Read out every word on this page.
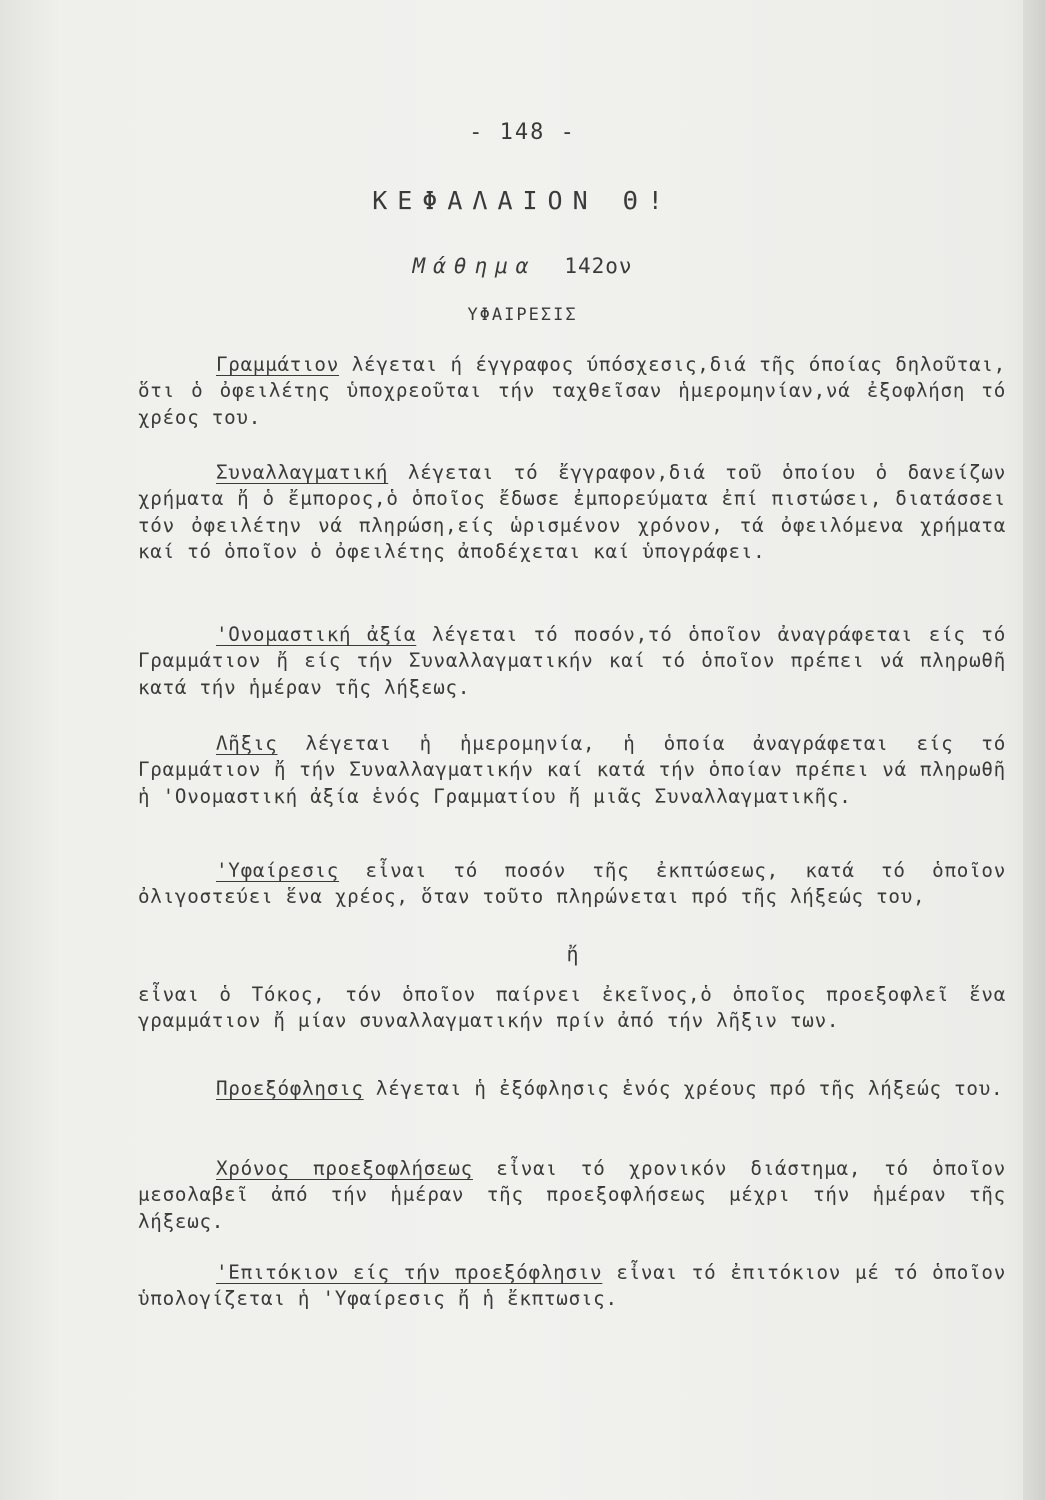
- 148 -
ΚΕΦΑΛΑΙΟΝ Θ!
Μάθημα 142ον
ΥΦΑΙΡΕΣΙΣ

Γραμμάτιον λέγεται ή έγγραφος ύπόσχεσις,διά τῆς όποίας δηλοῦται, ὅτι ὁ ὀφειλέτης ὑποχρεοῦται τήν ταχθεῖσαν ἡμερομηνίαν,νά ἐξοφλήση τό χρέος του.

Συναλλαγματική λέγεται τό ἔγγραφον,διά τοῦ ὁποίου ὁ δανείζων χρήματα ἤ ὁ ἔμπορος,ὁ ὁποῖος ἔδωσε ἐμπορεύματα ἐπί πιστώσει, διατάσσει τόν ὀφειλέτην νά πληρώση,είς ὡρισμένον χρόνον, τά ὀφειλόμενα χρήματα καί τό ὁποῖον ὁ ὀφειλέτης ἀποδέχεται καί ὑπογράφει.

'Ονομαστική ἀξία λέγεται τό ποσόν,τό ὁποῖον ἀναγράφεται είς τό Γραμμάτιον ἤ είς τήν Συναλλαγματικήν καί τό ὁποῖον πρέπει νά πληρωθῆ κατά τήν ἡμέραν τῆς λήξεως.

Λῆξις λέγεται ἡ ἡμερομηνία, ἡ ὁποία ἀναγράφεται είς τό Γραμμάτιον ἤ τήν Συναλλαγματικήν καί κατά τήν ὁποίαν πρέπει νά πληρωθῆ ἡ 'Ονομαστική ἀξία ἑνός Γραμματίου ἤ μιᾶς Συναλλαγματικῆς.

'Υφαίρεσις εἶναι τό ποσόν τῆς ἐκπτώσεως, κατά τό ὁποῖον ὀλιγοστεύει ἕνα χρέος, ὅταν τοῦτο πληρώνεται πρό τῆς λήξεώς του,

ἤ

εἶναι ὁ Τόκος, τόν ὁποῖον παίρνει ἐκεῖνος,ὁ ὁποῖος προεξοφλεῖ ἕνα γραμμάτιον ἤ μίαν συναλλαγματικήν πρίν ἀπό τήν λῆξιν των.

Προεξόφλησις λέγεται ἡ ἐξόφλησις ἑνός χρέους πρό τῆς λήξεώς του.

Χρόνος προεξοφλήσεως εἶναι τό χρονικόν διάστημα, τό ὁποῖον μεσολαβεῖ ἀπό τήν ἡμέραν τῆς προεξοφλήσεως μέχρι τήν ἡμέραν τῆς λήξεως.

'Επιτόκιον είς τήν προεξόφλησιν εἶναι τό ἐπιτόκιον μέ τό ὁποῖον ὑπολογίζεται ἡ 'Υφαίρεσις ἤ ἡ ἔκπτωσις.
